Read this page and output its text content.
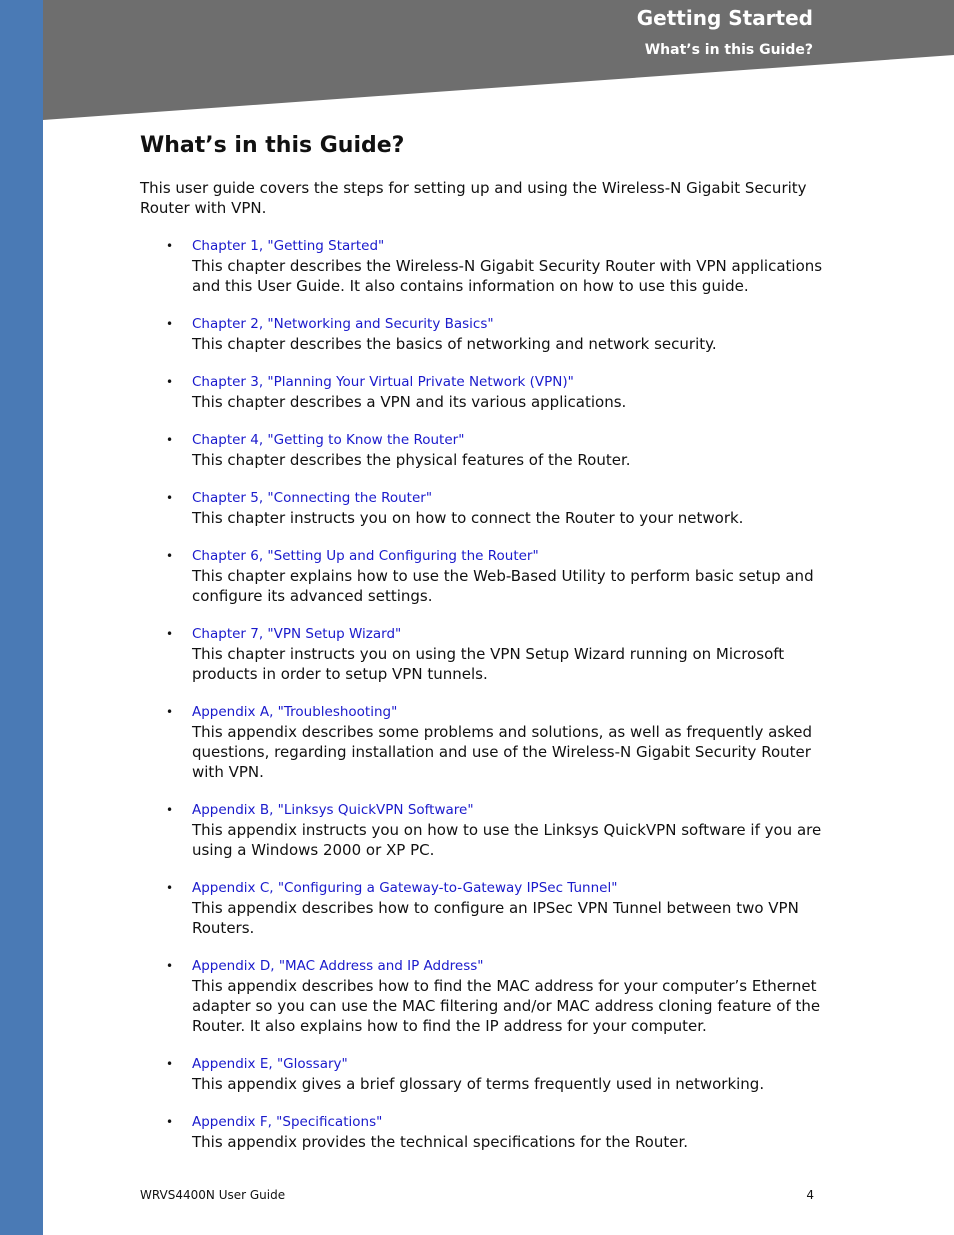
Getting Started
What’s in this Guide?
What’s in this Guide?

This user guide covers the steps for setting up and using the Wireless-N Gigabit Security Router with VPN.

• Chapter 1, "Getting Started"
This chapter describes the Wireless-N Gigabit Security Router with VPN applications and this User Guide. It also contains information on how to use this guide.
• Chapter 2, "Networking and Security Basics"
This chapter describes the basics of networking and network security.
• Chapter 3, "Planning Your Virtual Private Network (VPN)"
This chapter describes a VPN and its various applications.
• Chapter 4, "Getting to Know the Router"
This chapter describes the physical features of the Router.
• Chapter 5, "Connecting the Router"
This chapter instructs you on how to connect the Router to your network.
• Chapter 6, "Setting Up and Configuring the Router"
This chapter explains how to use the Web-Based Utility to perform basic setup and configure its advanced settings.
• Chapter 7, "VPN Setup Wizard"
This chapter instructs you on using the VPN Setup Wizard running on Microsoft products in order to setup VPN tunnels.
• Appendix A, "Troubleshooting"
This appendix describes some problems and solutions, as well as frequently asked questions, regarding installation and use of the Wireless-N Gigabit Security Router with VPN.
• Appendix B, "Linksys QuickVPN Software"
This appendix instructs you on how to use the Linksys QuickVPN software if you are using a Windows 2000 or XP PC.
• Appendix C, "Configuring a Gateway-to-Gateway IPSec Tunnel"
This appendix describes how to configure an IPSec VPN Tunnel between two VPN Routers.
• Appendix D, "MAC Address and IP Address"
This appendix describes how to find the MAC address for your computer’s Ethernet adapter so you can use the MAC filtering and/or MAC address cloning feature of the Router. It also explains how to find the IP address for your computer.
• Appendix E, "Glossary"
This appendix gives a brief glossary of terms frequently used in networking.
• Appendix F, "Specifications"
This appendix provides the technical specifications for the Router.
WRVS4400N User Guide	4
